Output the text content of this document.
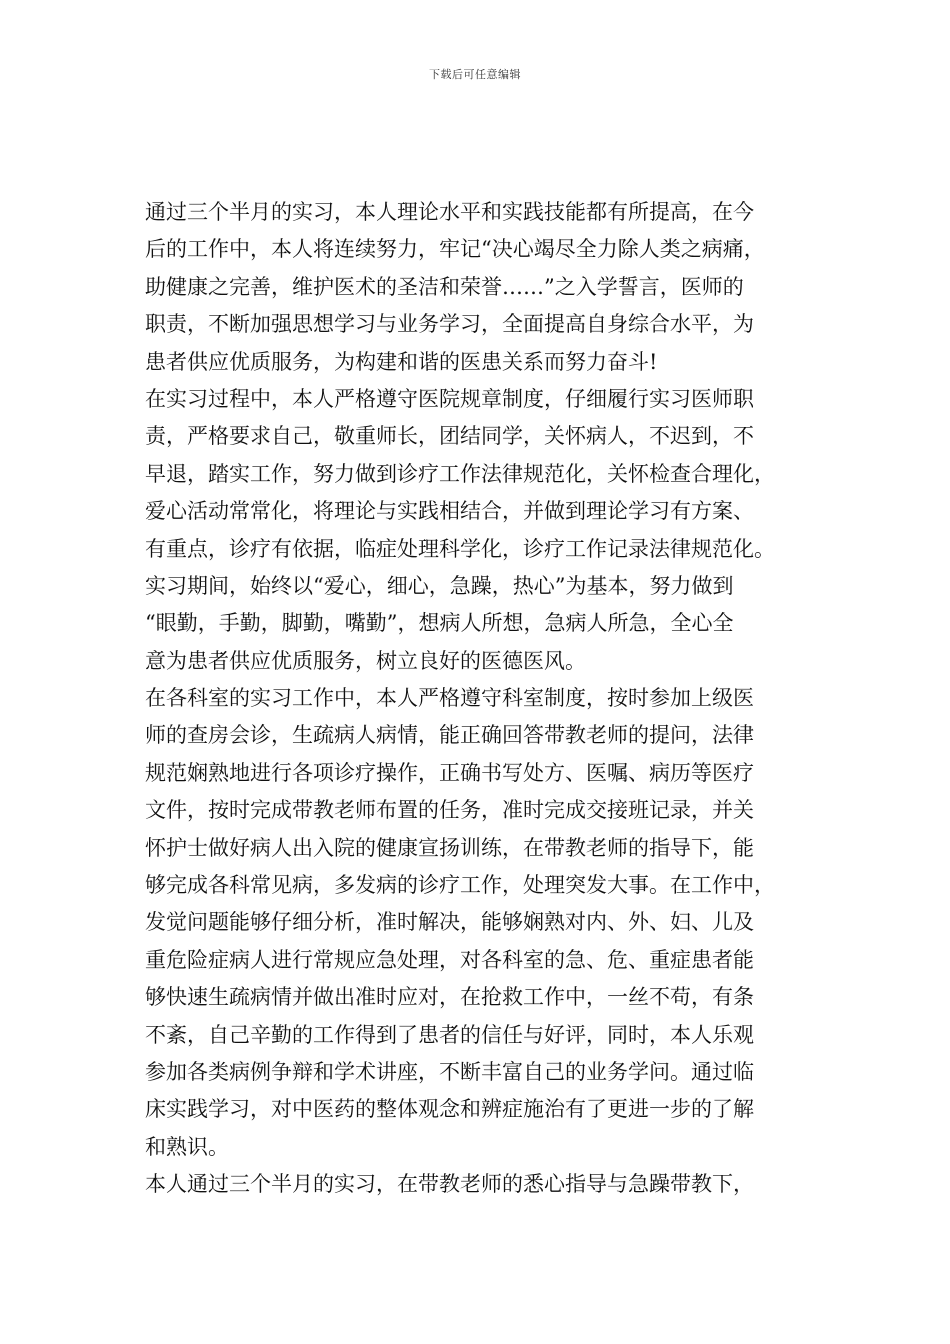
下载后可任意编辑
通过三个半月的实习，本人理论水平和实践技能都有所提高，在今
后的工作中，本人将连续努力，牢记“决心竭尽全力除人类之病痛，
助健康之完善，维护医术的圣洁和荣誉……”之入学誓言，医师的
职责，不断加强思想学习与业务学习，全面提高自身综合水平，为
患者供应优质服务，为构建和谐的医患关系而努力奋斗!
在实习过程中，本人严格遵守医院规章制度，仔细履行实习医师职
责，严格要求自己，敬重师长，团结同学，关怀病人，不迟到，不
早退，踏实工作，努力做到诊疗工作法律规范化，关怀检查合理化，
爱心活动常常化，将理论与实践相结合，并做到理论学习有方案、
有重点，诊疗有依据，临症处理科学化，诊疗工作记录法律规范化。
实习期间，始终以“爱心，细心，急躁，热心”为基本，努力做到
“眼勤，手勤，脚勤，嘴勤”，想病人所想，急病人所急，全心全
意为患者供应优质服务，树立良好的医德医风。
在各科室的实习工作中，本人严格遵守科室制度，按时参加上级医
师的查房会诊，生疏病人病情，能正确回答带教老师的提问，法律
规范娴熟地进行各项诊疗操作，正确书写处方、医嘱、病历等医疗
文件，按时完成带教老师布置的任务，准时完成交接班记录，并关
怀护士做好病人出入院的健康宣扬训练，在带教老师的指导下，能
够完成各科常见病，多发病的诊疗工作，处理突发大事。在工作中，
发觉问题能够仔细分析，准时解决，能够娴熟对内、外、妇、儿及
重危险症病人进行常规应急处理，对各科室的急、危、重症患者能
够快速生疏病情并做出准时应对，在抢救工作中，一丝不苟，有条
不紊，自己辛勤的工作得到了患者的信任与好评，同时，本人乐观
参加各类病例争辩和学术讲座，不断丰富自己的业务学问。通过临
床实践学习，对中医药的整体观念和辨症施治有了更进一步的了解
和熟识。
本人通过三个半月的实习，在带教老师的悉心指导与急躁带教下，
